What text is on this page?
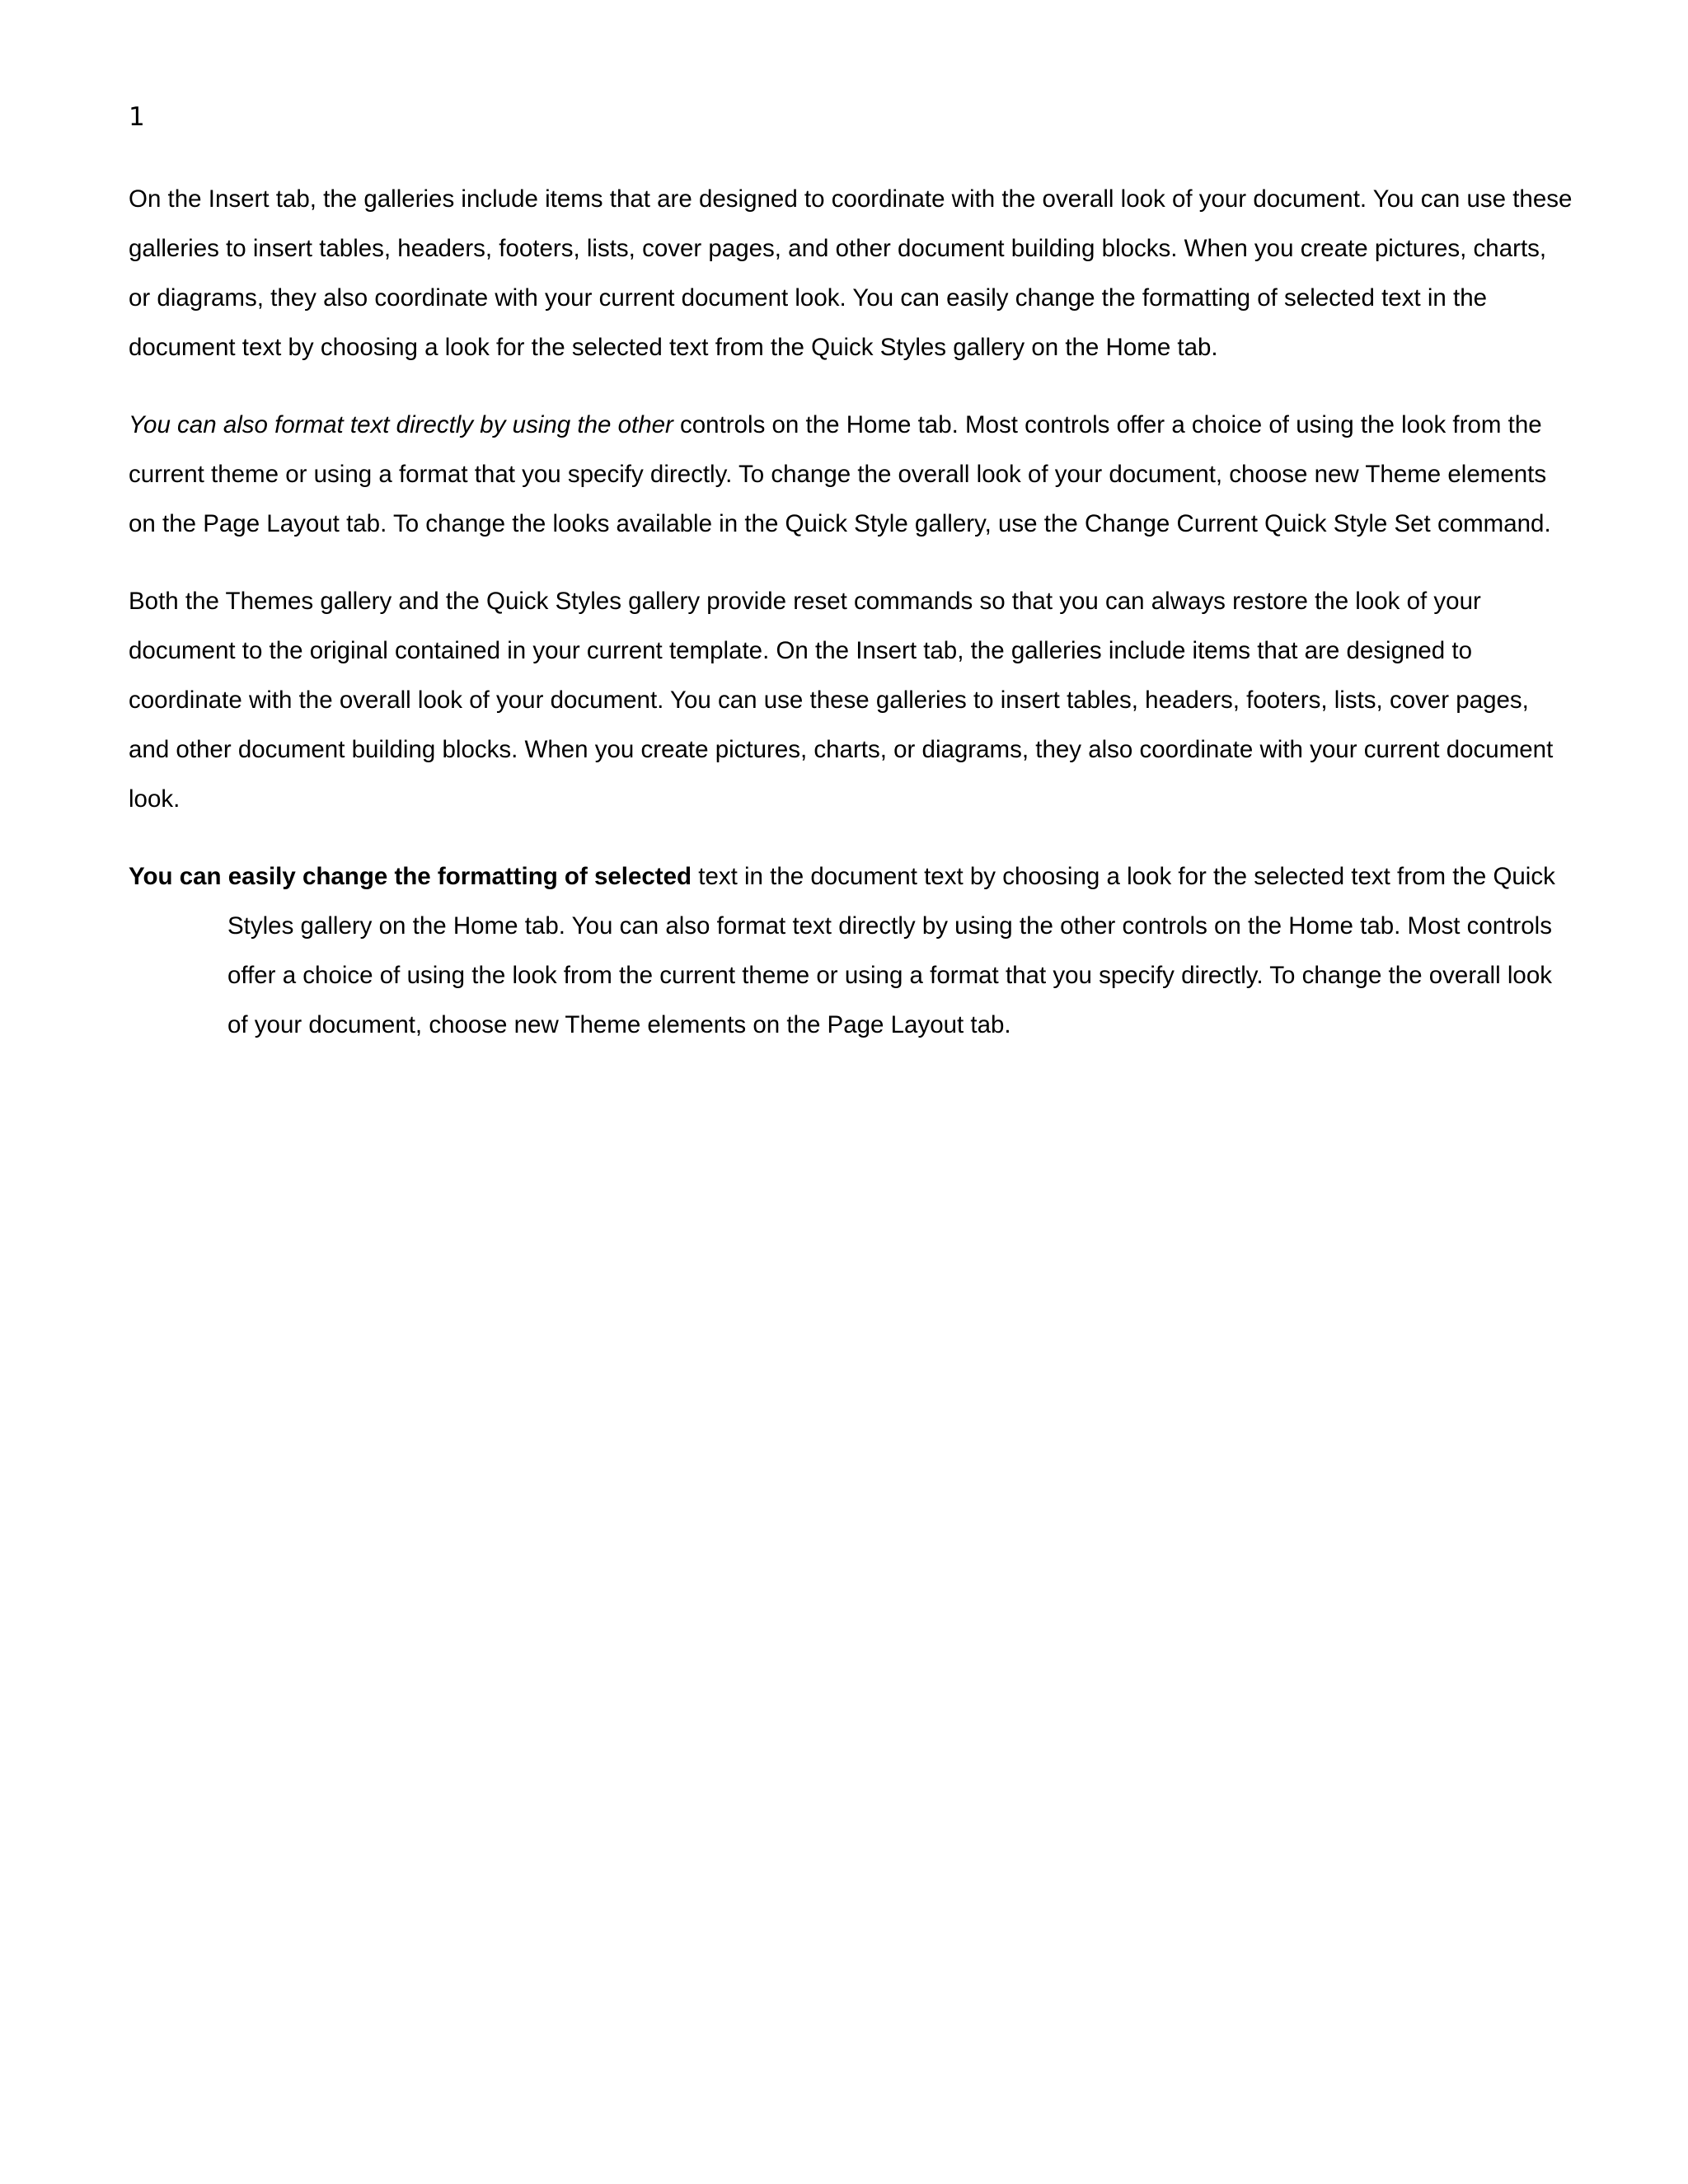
1

On the Insert tab, the galleries include items that are designed to coordinate with the overall look of your document. You can use these galleries to insert tables, headers, footers, lists, cover pages, and other document building blocks. When you create pictures, charts, or diagrams, they also coordinate with your current document look. You can easily change the formatting of selected text in the document text by choosing a look for the selected text from the Quick Styles gallery on the Home tab.

You can also format text directly by using the other controls on the Home tab. Most controls offer a choice of using the look from the current theme or using a format that you specify directly. To change the overall look of your document, choose new Theme elements on the Page Layout tab. To change the looks available in the Quick Style gallery, use the Change Current Quick Style Set command.

Both the Themes gallery and the Quick Styles gallery provide reset commands so that you can always restore the look of your document to the original contained in your current template. On the Insert tab, the galleries include items that are designed to coordinate with the overall look of your document. You can use these galleries to insert tables, headers, footers, lists, cover pages, and other document building blocks. When you create pictures, charts, or diagrams, they also coordinate with your current document look.

You can easily change the formatting of selected text in the document text by choosing a look for the selected text from the Quick Styles gallery on the Home tab. You can also format text directly by using the other controls on the Home tab. Most controls offer a choice of using the look from the current theme or using a format that you specify directly. To change the overall look of your document, choose new Theme elements on the Page Layout tab.
